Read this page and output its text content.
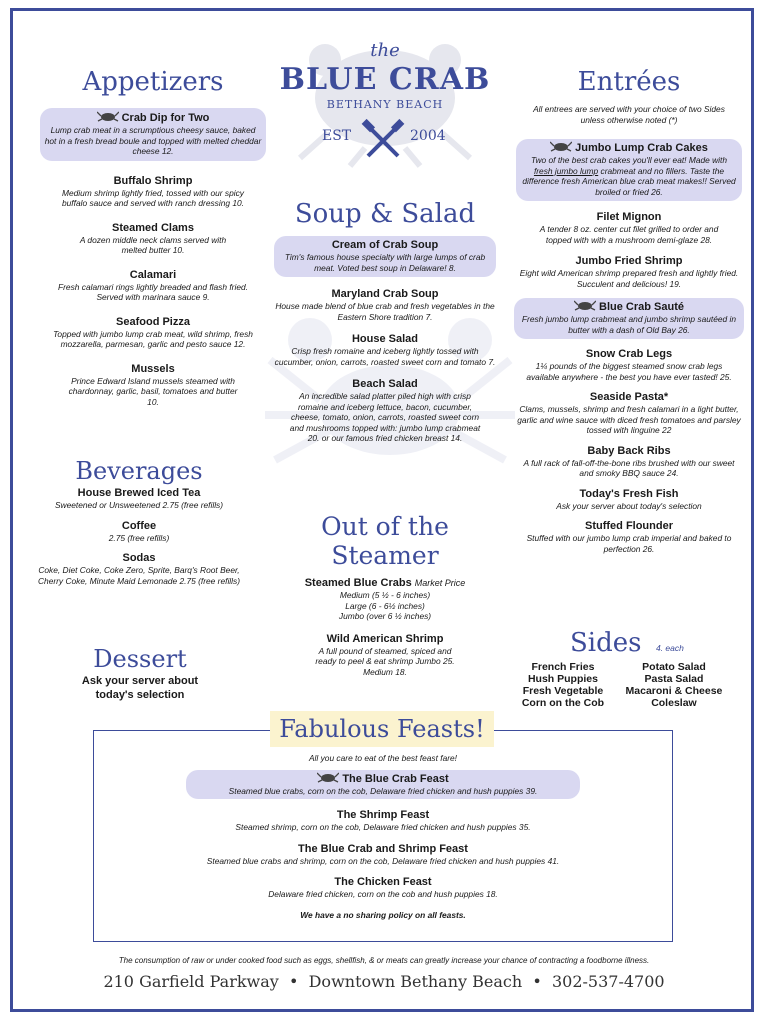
the
BLUE CRAB
BETHANY BEACH
EST	2004
Appetizers
Crab Dip for Two
Lump crab meat in a scrumptious cheesy sauce, baked hot in a fresh bread boule and topped with melted cheddar cheese 12.
Buffalo Shrimp
Medium shrimp lightly fried, tossed with our spicy buffalo sauce and served with ranch dressing 10.
Steamed Clams
A dozen middle neck clams served with melted butter 10.
Calamari
Fresh calamari rings lightly breaded and flash fried. Served with marinara sauce 9.
Seafood Pizza
Topped with jumbo lump crab meat, wild shrimp, fresh mozzarella, parmesan, garlic and pesto sauce 12.
Mussels
Prince Edward Island mussels steamed with chardonnay, garlic, basil, tomatoes and butter 10.
Beverages
House Brewed Iced Tea
Sweetened or Unsweetened 2.75 (free refills)
Coffee
2.75 (free refills)
Sodas
Coke, Diet Coke, Coke Zero, Sprite, Barq's Root Beer, Cherry Coke, Minute Maid Lemonade 2.75 (free refills)
Dessert
Ask your server about today's selection
Soup & Salad
Cream of Crab Soup
Tim's famous house specialty with large lumps of crab meat. Voted best soup in Delaware! 8.
Maryland Crab Soup
House made blend of blue crab and fresh vegetables in the Eastern Shore tradition 7.
House Salad
Crisp fresh romaine and iceberg lightly tossed with cucumber, onion, carrots, roasted sweet corn and tomato 7.
Beach Salad
An incredible salad platter piled high with crisp romaine and iceberg lettuce, bacon, cucumber, cheese, tomato, onion, carrots, roasted sweet corn and mushrooms topped with: jumbo lump crabmeat 20. or our famous fried chicken breast 14.
Out of the
Steamer
Steamed Blue Crabs Market Price
Medium (5 ½ - 6 inches)
Large (6 - 6½ inches)
Jumbo (over 6 ½ inches)
Wild American Shrimp
A full pound of steamed, spiced and ready to peel & eat shrimp Jumbo 25. Medium 18.
Entrées
All entrees are served with your choice of two Sides unless otherwise noted (*)
Jumbo Lump Crab Cakes
Two of the best crab cakes you'll ever eat! Made with fresh jumbo lump crabmeat and no fillers. Taste the difference fresh American blue crab meat makes!! Served broiled or fried 26.
Filet Mignon
A tender 8 oz. center cut filet grilled to order and topped with with a mushroom demi-glaze 28.
Jumbo Fried Shrimp
Eight wild American shrimp prepared fresh and lightly fried. Succulent and delicious! 19.
Blue Crab Sauté
Fresh jumbo lump crabmeat and jumbo shrimp sautéed in butter with a dash of Old Bay 26.
Snow Crab Legs
1¼ pounds of the biggest steamed snow crab legs available anywhere - the best you have ever tasted! 25.
Seaside Pasta*
Clams, mussels, shrimp and fresh calamari in a light butter, garlic and wine sauce with diced fresh tomatoes and parsley tossed with linguine 22
Baby Back Ribs
A full rack of fall-off-the-bone ribs brushed with our sweet and smoky BBQ sauce 24.
Today's Fresh Fish
Ask your server about today's selection
Stuffed Flounder
Stuffed with our jumbo lump crab imperial and baked to perfection 26.
Sides 4. each
French Fries	Potato Salad
Hush Puppies	Pasta Salad
Fresh Vegetable	Macaroni & Cheese
Corn on the Cob	Coleslaw
All you care to eat of the best feast fare!
The Blue Crab Feast
Steamed blue crabs, corn on the cob, Delaware fried chicken and hush puppies 39.
The Shrimp Feast
Steamed shrimp, corn on the cob, Delaware fried chicken and hush puppies 35.
The Blue Crab and Shrimp Feast
Steamed blue crabs and shrimp, corn on the cob, Delaware fried chicken and hush puppies 41.
The Chicken Feast
Delaware fried chicken, corn on the cob and hush puppies 18.
We have a no sharing policy on all feasts.
Fabulous Feasts!
The consumption of raw or under cooked food such as eggs, shellfish, & or meats can greatly increase your chance of contracting a foodborne illness.
210 Garfield Parkway  •  Downtown Bethany Beach  •  302-537-4700
